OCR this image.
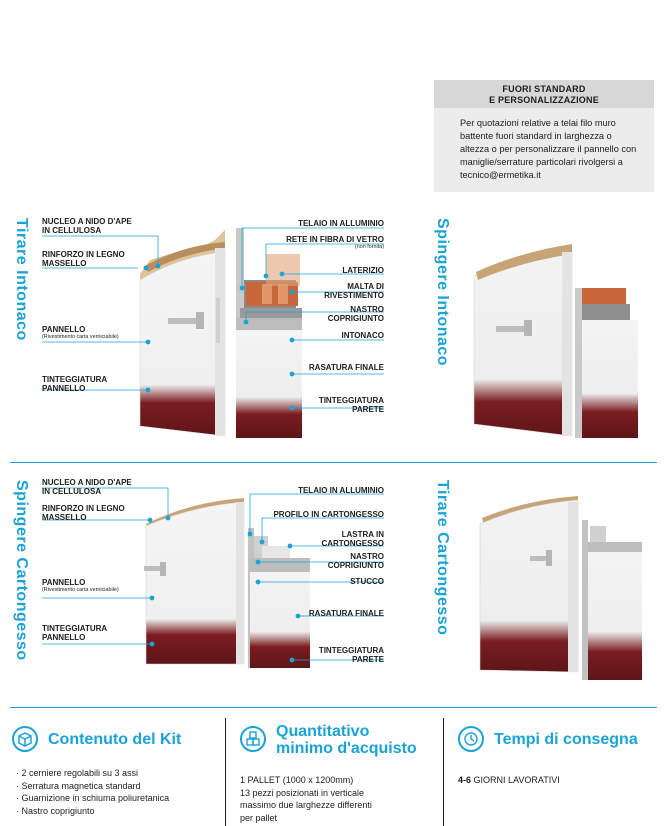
FUORI STANDARD
E PERSONALIZZAZIONE
Per quotazioni relative a telai filo muro battente fuori standard in larghezza o altezza o per personalizzare il pannello con maniglie/serrature particolari rivolgersi a tecnico@ermetika.it
Tirare Intonaco	Spingere Intonaco
Spingere Cartongesso	Tirare Cartongesso
NUCLEO A NIDO D'APE
IN CELLULOSA
RINFORZO IN LEGNO
MASSELLO
PANNELLO
(Rivestimento carta verniciabile)
TINTEGGIATURA
PANNELLO
TELAIO IN ALLUMINIO
RETE IN FIBRA DI VETRO
(non fornita)
LATERIZIO
MALTA DI
RIVESTIMENTO
NASTRO
COPRIGIUNTO
INTONACO
RASATURA FINALE
TINTEGGIATURA
PARETE
NUCLEO A NIDO D'APE
IN CELLULOSA
RINFORZO IN LEGNO
MASSELLO
PANNELLO
(Rivestimento carta verniciabile)
TINTEGGIATURA
PANNELLO
TELAIO IN ALLUMINIO
PROFILO IN CARTONGESSO
LASTRA IN
CARTONGESSO
NASTRO
COPRIGIUNTO
STUCCO
RASATURA FINALE
TINTEGGIATURA
PARETE
Contenuto del Kit
· 2 cerniere regolabili su 3 assi
· Serratura magnetica standard
· Guarnizione in schiuma poliuretanica
· Nastro coprigiunto
Quantitativo
minimo d'acquisto
1 PALLET (1000 x 1200mm)
13 pezzi posizionati in verticale
massimo due larghezze differenti
per pallet
Tempi di consegna
4-6 GIORNI LAVORATIVI
